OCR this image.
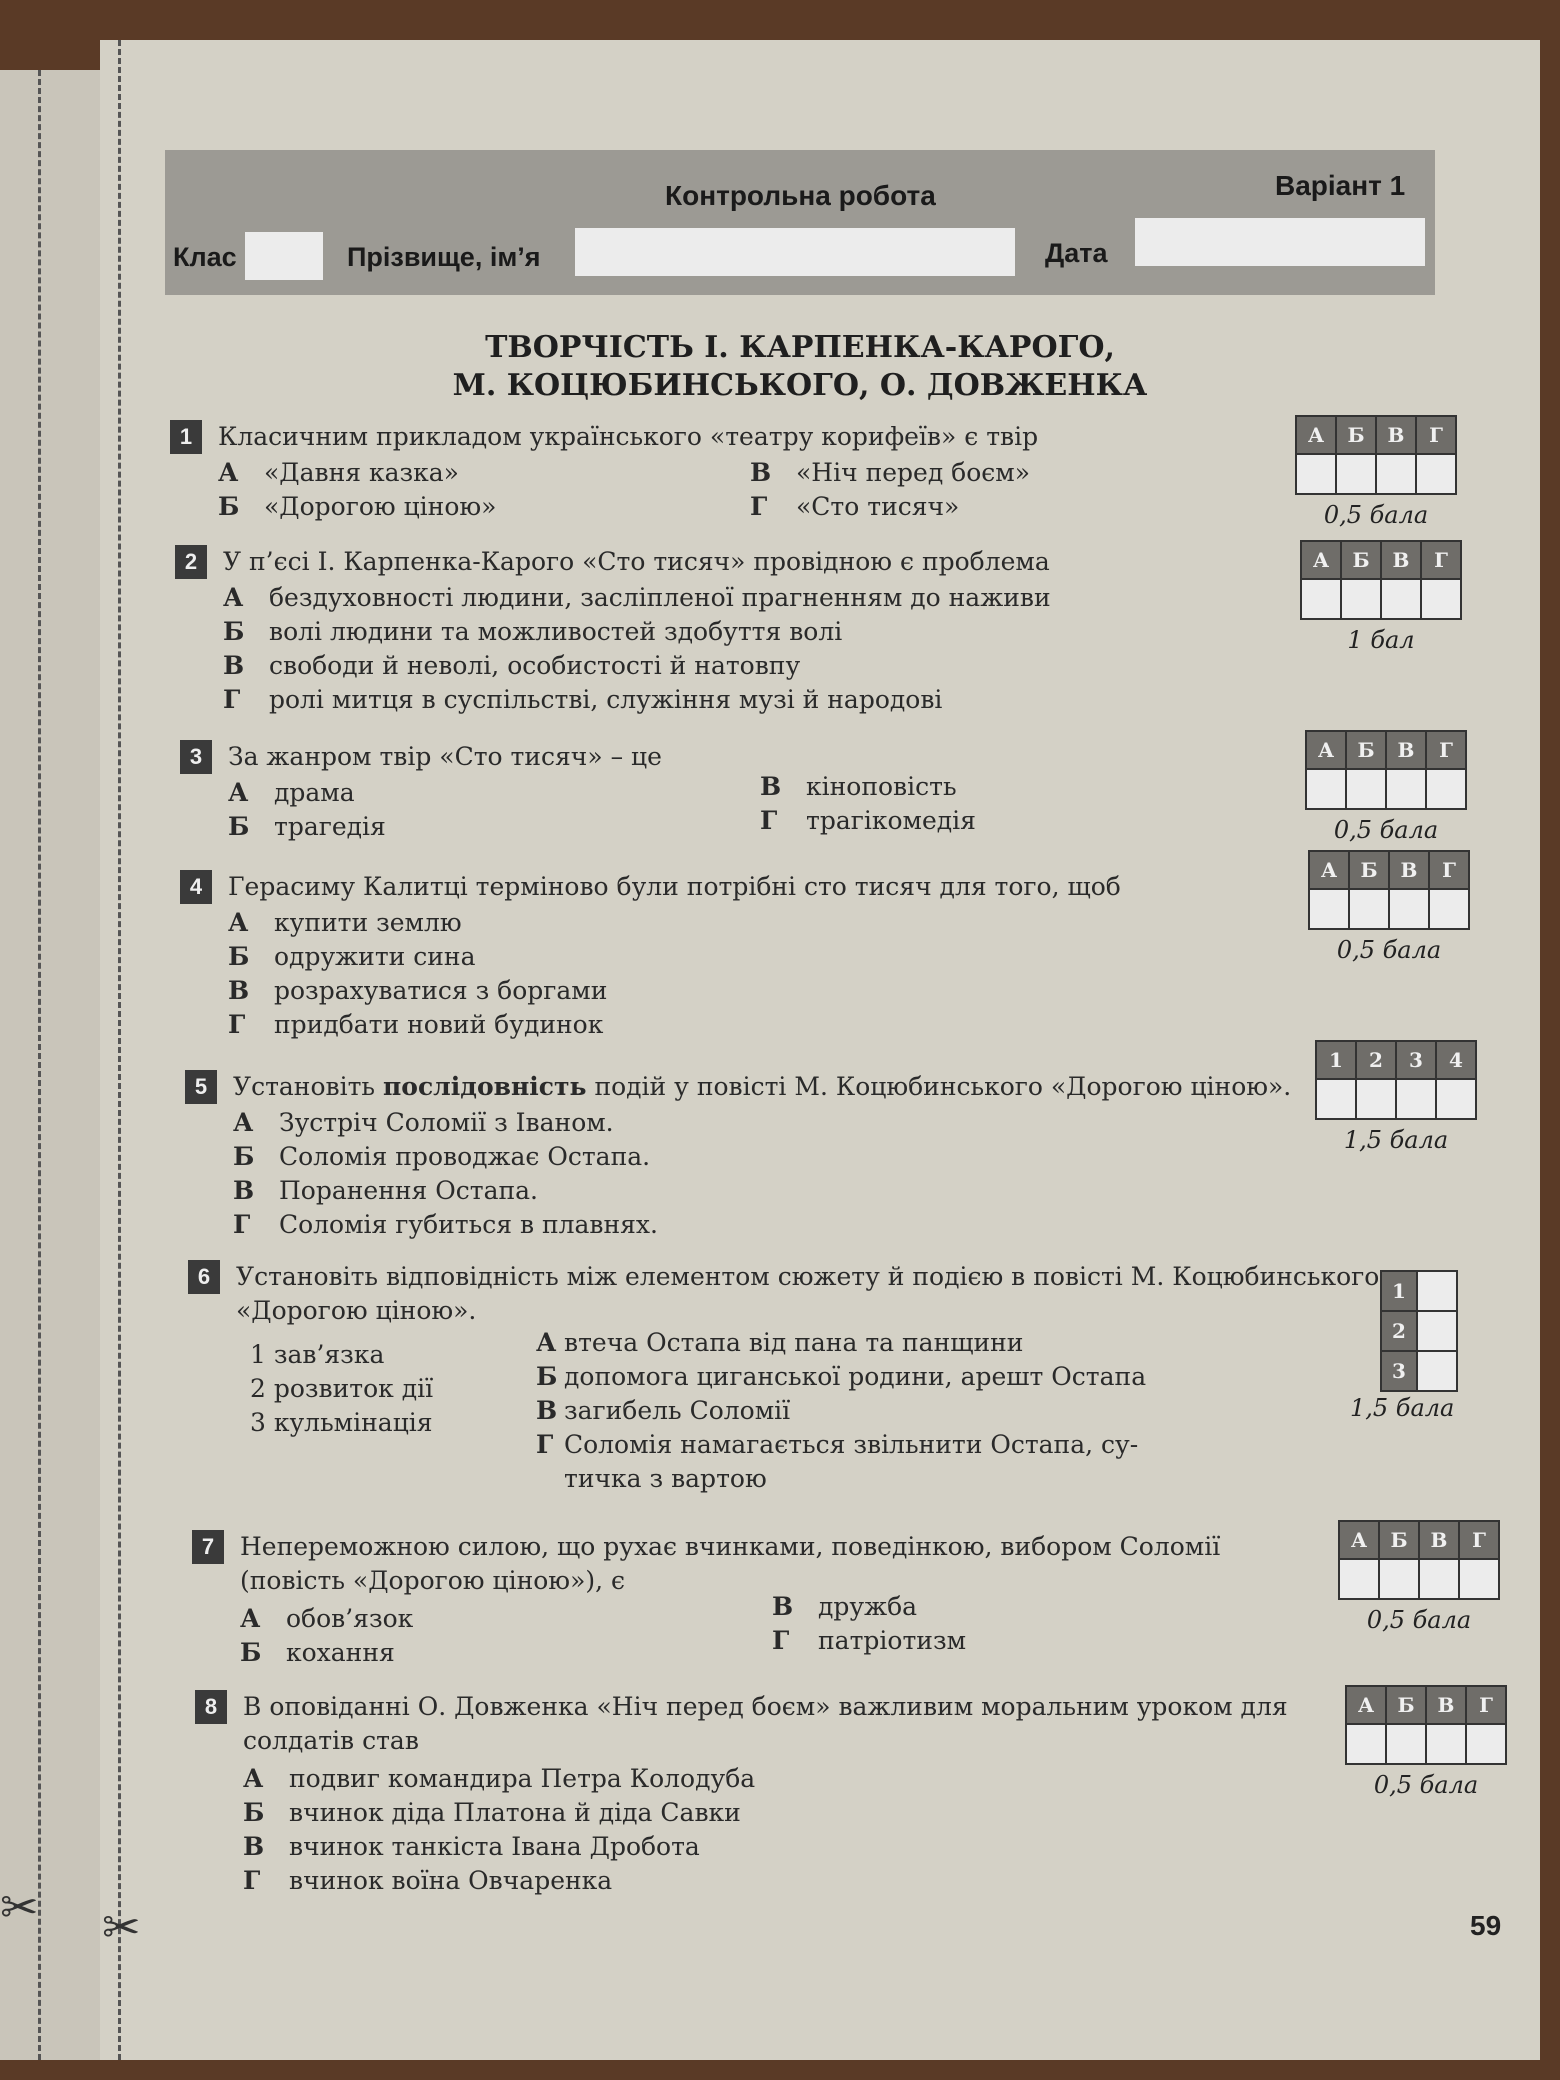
✂ ✂
Контрольна робота	Варіант 1
Клас	Прізвище, ім’я	Дата
ТВОРЧІСТЬ І. КАРПЕНКА-КАРОГО,
М. КОЦЮБИНСЬКОГО, О. ДОВЖЕНКА
1	Класичним прикладом українського «театру корифеїв» є твір
А «Давня казка»
Б «Дорогою ціною»
В «Ніч перед боєм»
Г «Сто тисяч»
А	Б	В	Г

0,5 бала
2	У п’єсі І. Карпенка-Карого «Сто тисяч» провідною є проблема
А бездуховності людини, засліпленої прагненням до наживи
Б волі людини та можливостей здобуття волі
В свободи й неволі, особистості й натовпу
Г ролі митця в суспільстві, служіння музі й народові
А	Б	В	Г

1 бал
3	За жанром твір «Сто тисяч» – це
А драма
Б трагедія
В кіноповість
Г трагікомедія
А	Б	В	Г

0,5 бала
4	Герасиму Калитці терміново були потрібні сто тисяч для того, щоб
А купити землю
Б одружити сина
В розрахуватися з боргами
Г придбати новий будинок
А	Б	В	Г

0,5 бала
5	Установіть послідовність подій у повісті М. Коцюбинського «Дорогою ціною».
А Зустріч Соломії з Іваном.
Б Соломія проводжає Остапа.
В Поранення Остапа.
Г Соломія губиться в плавнях.
1	2	3	4

1,5 бала
6	Установіть відповідність між елементом сюжету й подією в повісті М. Коцюбинського
«Дорогою ціною».
1 зав’язка
2 розвиток дії
3 кульмінація
А втеча Остапа від пана та панщини
Б допомога циганської родини, арешт Остапа
В загибель Соломії
Г Соломія намагається звільнити Остапа, су-
тичка з вартою
1	
2	
3	
1,5 бала
7	Непереможною силою, що рухає вчинками, поведінкою, вибором Соломії
(повість «Дорогою ціною»), є
А обов’язок
Б кохання
В дружба
Г патріотизм
А	Б	В	Г

0,5 бала
8	В оповіданні О. Довженка «Ніч перед боєм» важливим моральним уроком для
солдатів став
А подвиг командира Петра Колодуба
Б вчинок діда Платона й діда Савки
В вчинок танкіста Івана Дробота
Г вчинок воїна Овчаренка
А	Б	В	Г

0,5 бала
59
